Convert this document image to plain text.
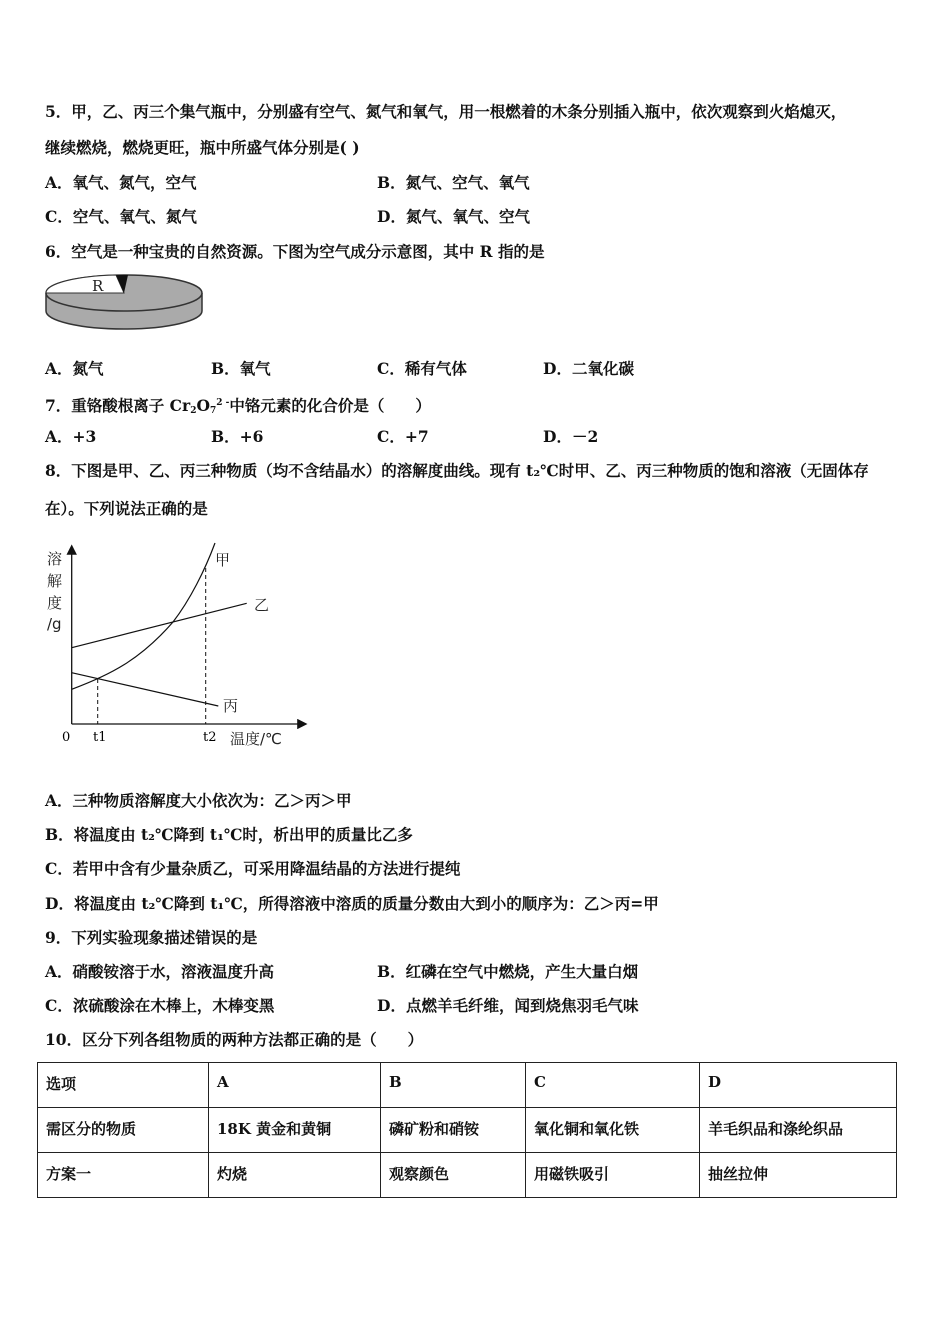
5．甲，乙、丙三个集气瓶中，分别盛有空气、氮气和氧气，用一根燃着的木条分别插入瓶中，依次观察到火焰熄灭，
继续燃烧，燃烧更旺，瓶中所盛气体分别是( )
A．氧气、氮气，空气	B．氮气、空气、氧气
C．空气、氧气、氮气	D．氮气、氧气、空气
6．空气是一种宝贵的自然资源。下图为空气成分示意图，其中 R 指的是
R
A．氮气	B．氧气	C．稀有气体	D．二氧化碳
7．重铬酸根离子 $Cr_2O_7^{2 -}$中铬元素的化合价是（　　）
A．+3	B．+6	C．+7	D．－2
8．下图是甲、乙、丙三种物质（均不含结晶水）的溶解度曲线。现有 t₂℃时甲、乙、丙三种物质的饱和溶液（无固体存
在）。下列说法正确的是
甲
乙
丙
溶
解
度
/g
0 t1	t2 温度/℃
A．三种物质溶解度大小依次为：乙＞丙＞甲
B．将温度由 t₂℃降到 t₁℃时，析出甲的质量比乙多
C．若甲中含有少量杂质乙，可采用降温结晶的方法进行提纯
D．将温度由 t₂℃降到 t₁℃，所得溶液中溶质的质量分数由大到小的顺序为：乙＞丙=甲
9．下列实验现象描述错误的是
A．硝酸铵溶于水，溶液温度升高	B．红磷在空气中燃烧，产生大量白烟
C．浓硫酸涂在木棒上，木棒变黑	D．点燃羊毛纤维，闻到烧焦羽毛气味
10．区分下列各组物质的两种方法都正确的是（　　）
选项	A	B	C	D
需区分的物质	18K 黄金和黄铜	磷矿粉和硝铵	氧化铜和氧化铁	羊毛织品和涤纶织品
方案一	灼烧	观察颜色	用磁铁吸引	抽丝拉伸
